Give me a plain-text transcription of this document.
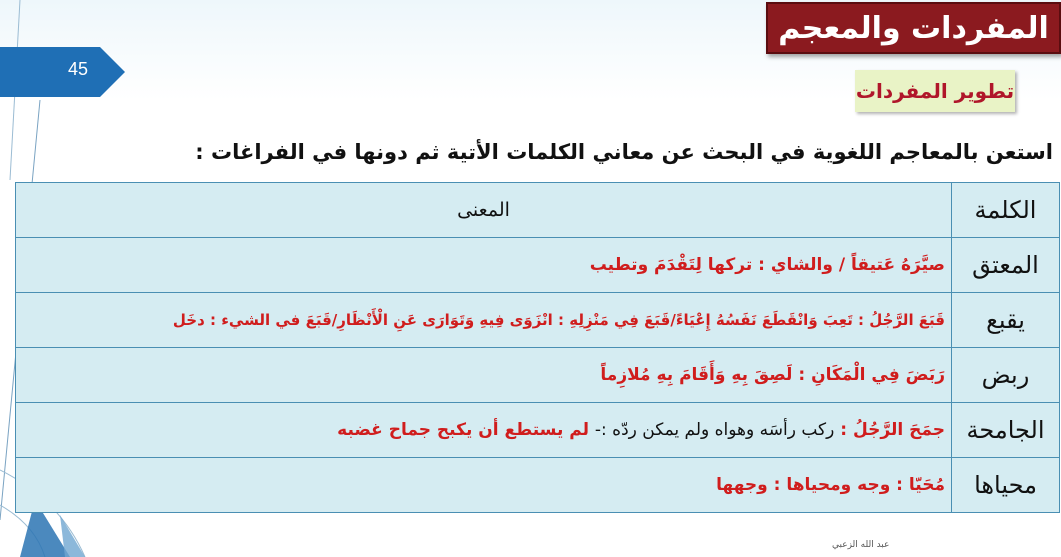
المفردات والمعجم
45
تطوير المفردات
استعن بالمعاجم اللغوية في البحث عن معاني الكلمات الأتية ثم دونها في الفراغات :
الكلمة	المعنى
المعتق	صيَّرَهُ عَتيقاً / والشاي : تركها لِتَقْدَمَ وتطيب
يقبع	قَبَعَ الرَّجُلُ : تَعِبَ وَانْقَطَعَ نَفَسُهُ إِعْيَاءً/قَبَعَ فِي مَنْزِلِهِ : انْزَوَى فِيهِ وَتَوَارَى عَنِ الْأَنْظَارِ/قَبَعَ في الشيء : دخَل
ربض	رَبَضَ فِي الْمَكَانِ : لَصِقَ بِهِ وَأَقَامَ بِهِ مُلازِماً
الجامحة	جمَحَ الرَّجُلُ : ركب رأسَه وهواه ولم يمكن ردّه :- لم يستطع أن يكبح جماح غضبه
محياها	مُحَيّا : وجه ومحياها : وجهها
عبد الله الزعبي
